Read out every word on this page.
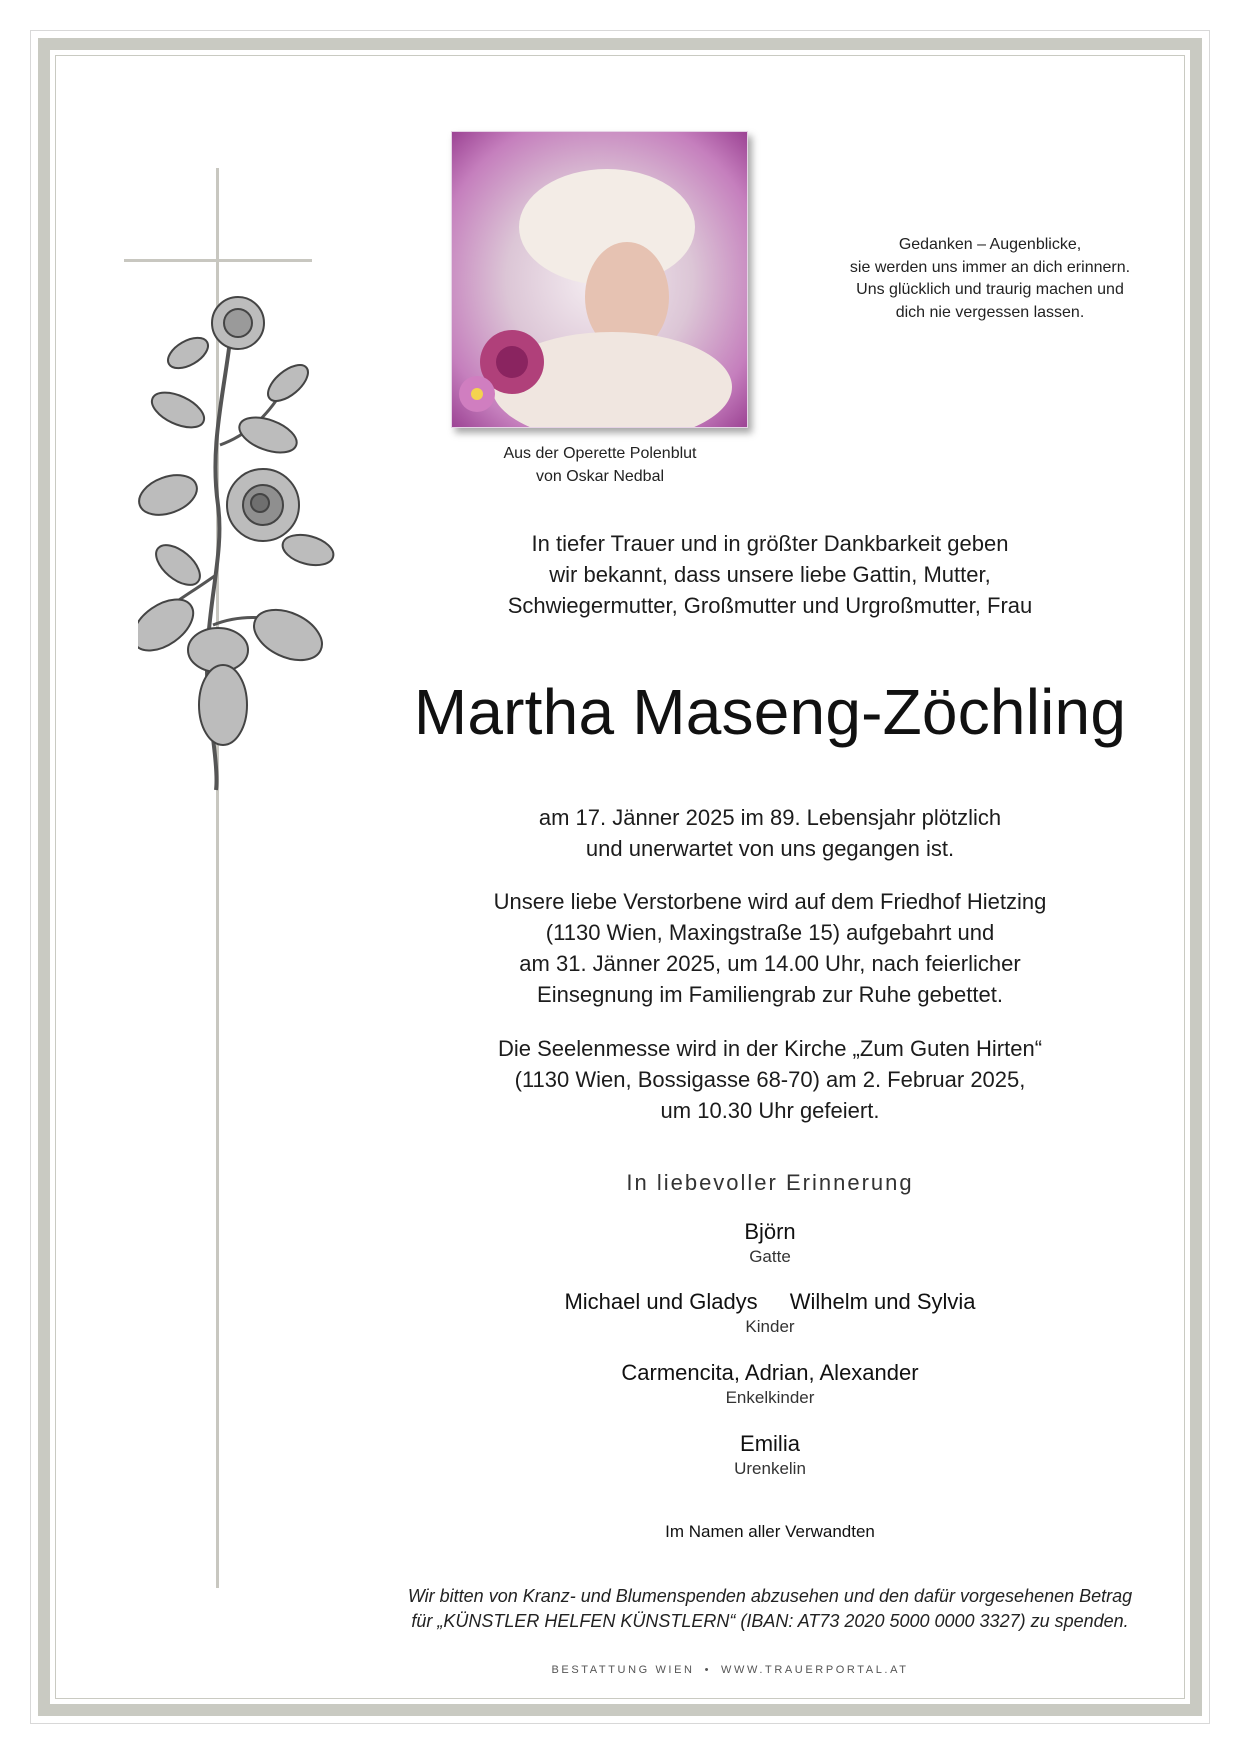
Aus der Operette Polenblut
von Oskar Nedbal
Gedanken – Augenblicke,
sie werden uns immer an dich erinnern.
Uns glücklich und traurig machen und
dich nie vergessen lassen.
In tiefer Trauer und in größter Dankbarkeit geben
wir bekannt, dass unsere liebe Gattin, Mutter,
Schwiegermutter, Großmutter und Urgroßmutter, Frau
Martha Maseng-Zöchling
am 17. Jänner 2025 im 89. Lebensjahr plötzlich
und unerwartet von uns gegangen ist.
Unsere liebe Verstorbene wird auf dem Friedhof Hietzing
(1130 Wien, Maxingstraße 15) aufgebahrt und
am 31. Jänner 2025, um 14.00 Uhr, nach feierlicher
Einsegnung im Familiengrab zur Ruhe gebettet.
Die Seelenmesse wird in der Kirche „Zum Guten Hirten“
(1130 Wien, Bossigasse 68-70) am 2. Februar 2025,
um 10.30 Uhr gefeiert.
In liebevoller Erinnerung
Björn
Gatte
Michael und Gladys Wilhelm und Sylvia
Kinder
Carmencita, Adrian, Alexander
Enkelkinder
Emilia
Urenkelin
Im Namen aller Verwandten
Wir bitten von Kranz- und Blumenspenden abzusehen und den dafür vorgesehenen Betrag
für „KÜNSTLER HELFEN KÜNSTLERN“ (IBAN: AT73 2020 5000 0000 3327) zu spenden.
BESTATTUNG WIEN • WWW.TRAUERPORTAL.AT
